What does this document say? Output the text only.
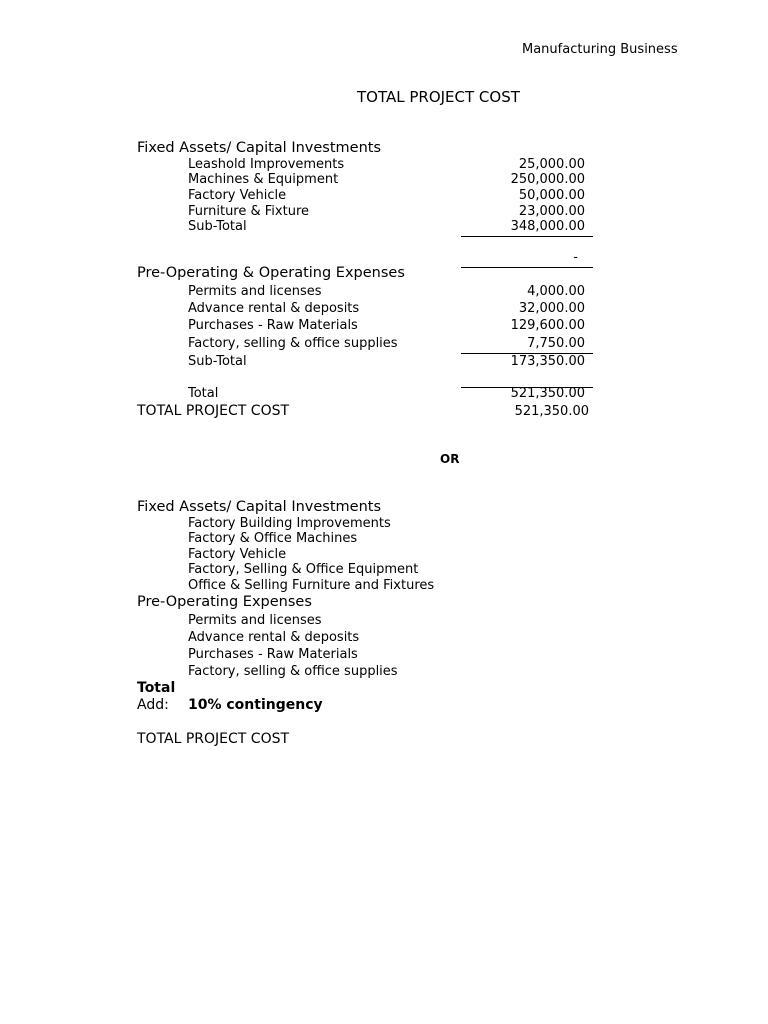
Manufacturing Business
TOTAL PROJECT COST
Fixed Assets/ Capital Investments
Leashold Improvements	25,000.00
Machines & Equipment	250,000.00
Factory Vehicle	50,000.00
Furniture & Fixture	23,000.00
Sub-Total	348,000.00
-
Pre-Operating & Operating Expenses
Permits and licenses	4,000.00
Advance rental & deposits	32,000.00
Purchases - Raw Materials	129,600.00
Factory, selling & office supplies	7,750.00
Sub-Total	173,350.00
Total	521,350.00
TOTAL PROJECT COST	521,350.00
OR
Fixed Assets/ Capital Investments
Factory Building Improvements
Factory & Office Machines
Factory Vehicle
Factory, Selling & Office Equipment
Office & Selling Furniture and Fixtures
Pre-Operating Expenses
Permits and licenses
Advance rental & deposits
Purchases - Raw Materials
Factory, selling & office supplies
Total
Add: 10% contingency
TOTAL PROJECT COST
